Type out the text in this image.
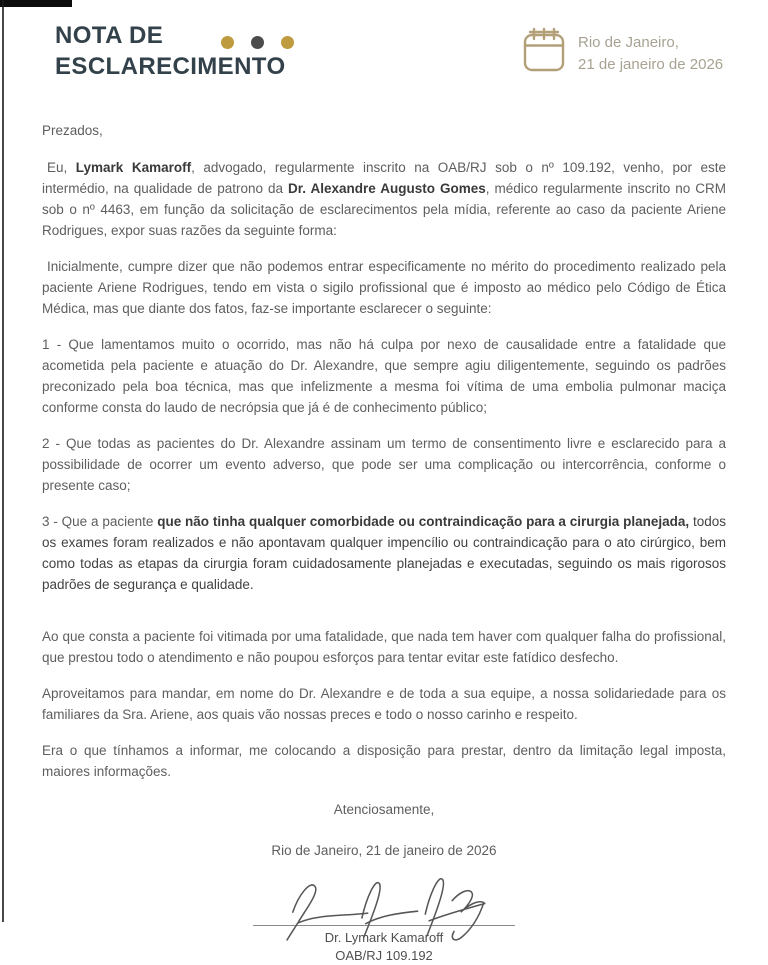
NOTA DE
ESCLARECIMENTO
Rio de Janeiro,
21 de janeiro de 2026

Prezados,

Eu, Lymark Kamaroff, advogado, regularmente inscrito na OAB/RJ sob o nº 109.192, venho, por este intermédio, na qualidade de patrono da Dr. Alexandre Augusto Gomes, médico regularmente inscrito no CRM sob o nº 4463, em função da solicitação de esclarecimentos pela mídia, referente ao caso da paciente Ariene Rodrigues, expor suas razões da seguinte forma:

Inicialmente, cumpre dizer que não podemos entrar especificamente no mérito do procedimento realizado pela paciente Ariene Rodrigues, tendo em vista o sigilo profissional que é imposto ao médico pelo Código de Ética Médica, mas que diante dos fatos, faz-se importante esclarecer o seguinte:

1 - Que lamentamos muito o ocorrido, mas não há culpa por nexo de causalidade entre a fatalidade que acometida pela paciente e atuação do Dr. Alexandre, que sempre agiu diligentemente, seguindo os padrões preconizado pela boa técnica, mas que infelizmente a mesma foi vítima de uma embolia pulmonar maciça conforme consta do laudo de necrópsia que já é de conhecimento público;

2 - Que todas as pacientes do Dr. Alexandre assinam um termo de consentimento livre e esclarecido para a possibilidade de ocorrer um evento adverso, que pode ser uma complicação ou intercorrência, conforme o presente caso;

3 - Que a paciente que não tinha qualquer comorbidade ou contraindicação para a cirurgia planejada, todos os exames foram realizados e não apontavam qualquer impencílio ou contraindicação para o ato cirúrgico, bem como todas as etapas da cirurgia foram cuidadosamente planejadas e executadas, seguindo os mais rigorosos padrões de segurança e qualidade.

Ao que consta a paciente foi vitimada por uma fatalidade, que nada tem haver com qualquer falha do profissional, que prestou todo o atendimento e não poupou esforços para tentar evitar este fatídico desfecho.

Aproveitamos para mandar, em nome do Dr. Alexandre e de toda a sua equipe, a nossa solidariedade para os familiares da Sra. Ariene, aos quais vão nossas preces e todo o nosso carinho e respeito.

Era o que tínhamos a informar, me colocando a disposição para prestar, dentro da limitação legal imposta, maiores informações.

Atenciosamente,
Rio de Janeiro, 21 de janeiro de 2026
Dr. Lymark Kamaroff
OAB/RJ 109.192
